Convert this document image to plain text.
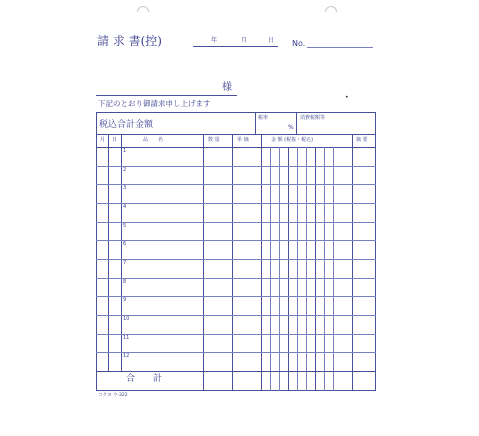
請 求 書(控)	年	月	日 No.
様
•
下記のとおり御請求申し上げます
税込合計金額
税率
%
消費税額等
月 日	品　　名	数 量	単 価	金 額 (税抜・税込)	摘 要
1
2
3
4
5
6
7
8
9
10
11
12
合　　計
コクヨ ウ-322
